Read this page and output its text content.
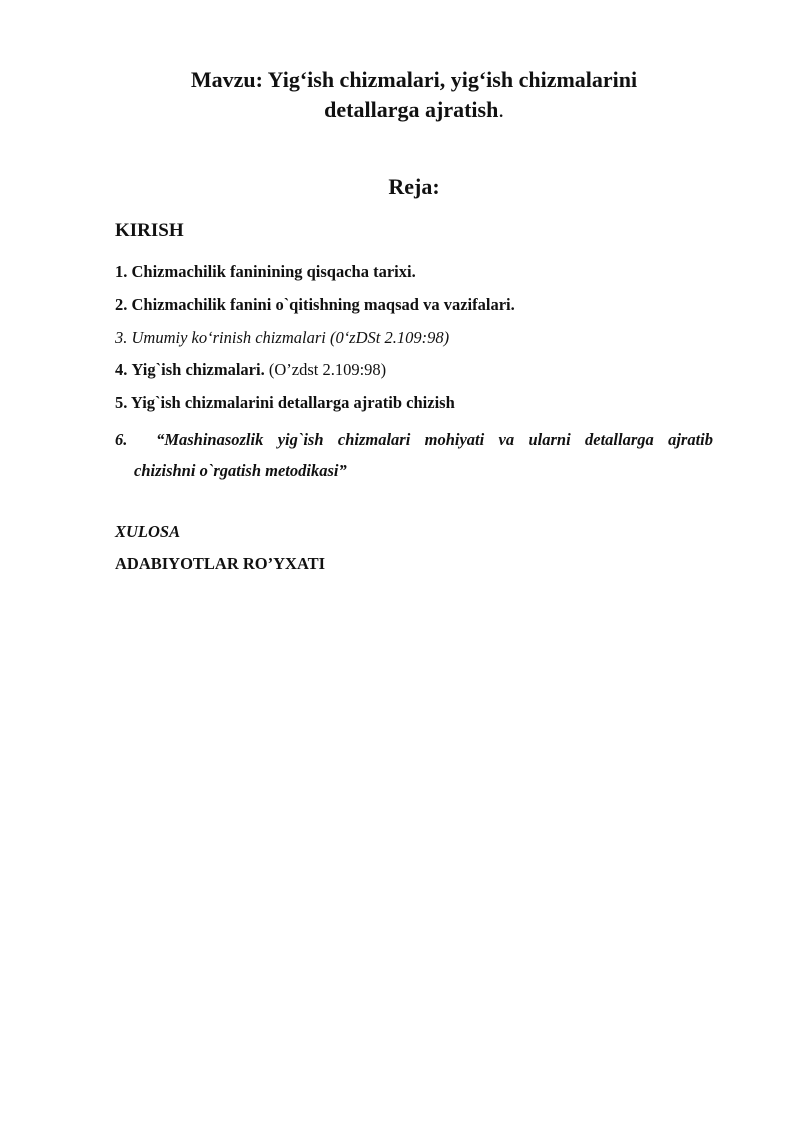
Mavzu: Yig‘ish chizmalari, yig‘ish chizmalarini
detallarga ajratish.
Reja:
KIRISH
1. Chizmachilik faninining qisqacha tarixi.
2. Chizmachilik fanini o`qitishning maqsad va vazifalari.
3. Umumiy ko‘rinish chizmalari (0‘zDSt 2.109:98)
4. Yig`ish chizmalari. (O’zdst 2.109:98)
5. Yig`ish chizmalarini detallarga ajratib chizish
6. “Mashinasozlik yig`ish chizmalari mohiyati va ularni detallarga ajratib
chizishni o`rgatish metodikasi”
XULOSA
ADABIYOTLAR RO’YXATI
